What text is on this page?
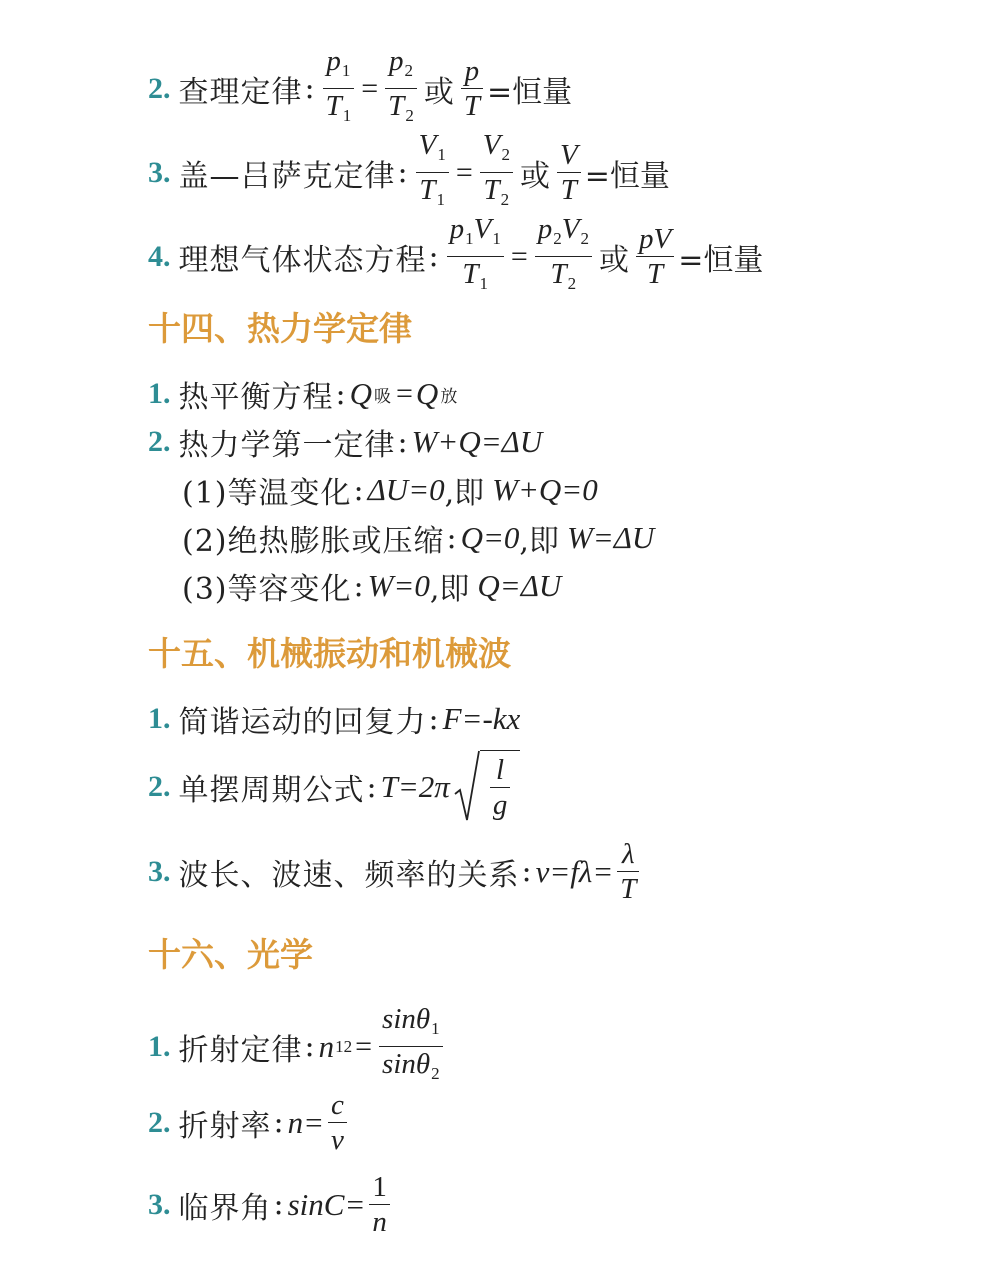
2. 查理定律 : $\frac{p_1}{T_1} = \frac{p_2}{T_2}$ 或 $\frac{p}{T}$ =恒量
3. 盖—吕萨克定律 : $\frac{V_1}{T_1} = \frac{V_2}{T_2}$ 或 $\frac{V}{T}$ =恒量
4. 理想气体状态方程 : $\frac{p_1V_1}{T_1} = \frac{p_2V_2}{T_2}$ 或 $\frac{pV}{T}$ =恒量
十四、热力学定律
1. 热平衡方程 : Q 吸 = Q 放
2. 热力学第一定律 : W+Q=ΔU
(1)等温变化 : ΔU=0 ,即 W+Q=0
(2)绝热膨胀或压缩 : Q=0 ,即 W=ΔU
(3)等容变化 : W=0 ,即 Q=ΔU
十五、机械振动和机械波
1. 简谐运动的回复力 : F=-kx
2. 单摆周期公式 : $T=2\pi \frac{l}{g}$
3. 波长、波速、频率的关系 : $v=f\lambda= \frac{\lambda}{T}$
十六、光学
1. 折射定律 : n $12 = \frac{\sin\theta_1}{\sin\theta_2}$
2. 折射率 : $n= \frac{c}{v}$
3. 临界角 : $\sin C= \frac{1}{n}$
